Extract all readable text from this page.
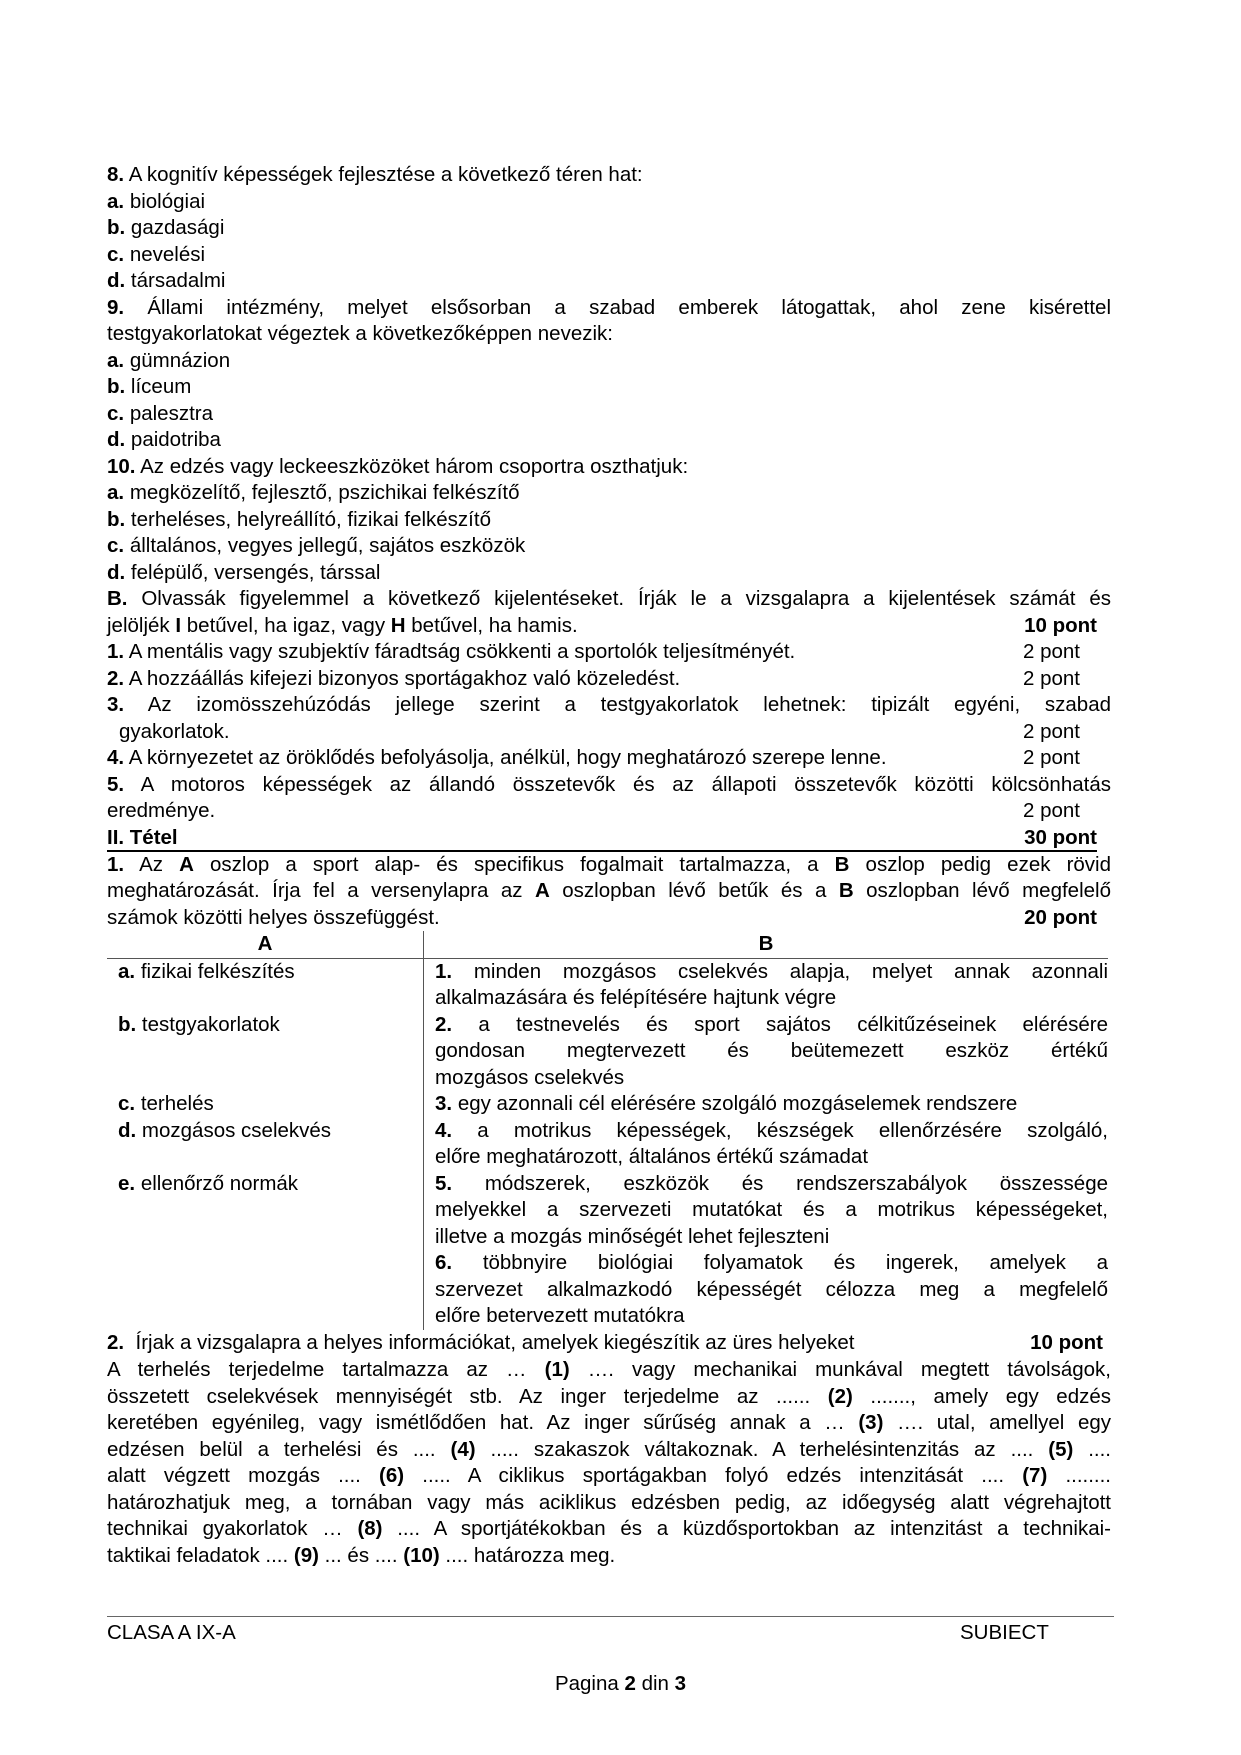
8. A kognitív képességek fejlesztése a következő téren hat:
a. biológiai
b. gazdasági
c. nevelési
d. társadalmi
9. Állami intézmény, melyet elsősorban a szabad emberek látogattak, ahol zene kisérettel
testgyakorlatokat végeztek a következőképpen nevezik:
a. gümnázion
b. líceum
c. palesztra
d. paidotriba
10. Az edzés vagy leckeeszközöket három csoportra oszthatjuk:
a. megközelítő, fejlesztő, pszichikai felkészítő
b. terheléses, helyreállító, fizikai felkészítő
c. álltalános, vegyes jellegű, sajátos eszközök
d. felépülő, versengés, társsal
B. Olvassák figyelemmel a következő kijelentéseket. Írják le a vizsgalapra a kijelentések számát és
jelöljék I betűvel, ha igaz, vagy H betűvel, ha hamis.	10 pont
1. A mentális vagy szubjektív fáradtság csökkenti a sportolók teljesítményét.	2 pont
2. A hozzáállás kifejezi bizonyos sportágakhoz való közeledést.	2 pont
3. Az izomösszehúzódás jellege szerint a testgyakorlatok lehetnek: tipizált egyéni, szabad
gyakorlatok.	2 pont
4. A környezetet az öröklődés befolyásolja, anélkül, hogy meghatározó szerepe lenne.	2 pont
5. A motoros képességek az állandó összetevők és az állapoti összetevők közötti kölcsönhatás
eredménye.	2 pont
II. Tétel	30 pont
1. Az A oszlop a sport alap- és specifikus fogalmait tartalmazza, a B oszlop pedig ezek rövid
meghatározását. Írja fel a versenylapra az A oszlopban lévő betűk és a B oszlopban lévő megfelelő
számok közötti helyes összefüggést.	20 pont
A	B
a. fizikai felkészítés	1. minden mozgásos cselekvés alapja, melyet annak azonnali
alkalmazására és felépítésére hajtunk végre
b. testgyakorlatok	2. a testnevelés és sport sajátos célkitűzéseinek elérésére
gondosan megtervezett és beütemezett eszköz értékű
mozgásos cselekvés
c. terhelés	3. egy azonnali cél elérésére szolgáló mozgáselemek rendszere
d. mozgásos cselekvés	4. a motrikus képességek, készségek ellenőrzésére szolgáló,
előre meghatározott, általános értékű számadat
e. ellenőrző normák	5. módszerek, eszközök és rendszerszabályok összessége
melyekkel a szervezeti mutatókat és a motrikus képességeket,
illetve a mozgás minőségét lehet fejleszteni
6. többnyire biológiai folyamatok és ingerek, amelyek a
szervezet alkalmazkodó képességét célozza meg a megfelelő
előre betervezett mutatókra
2. Írjak a vizsgalapra a helyes információkat, amelyek kiegészítik az üres helyeket	10 pont
A terhelés terjedelme tartalmazza az … (1) …. vagy mechanikai munkával megtett távolságok,
összetett cselekvések mennyiségét stb. Az inger terjedelme az ...... (2) ......., amely egy edzés
keretében egyénileg, vagy ismétlődően hat. Az inger sűrűség annak a … (3) …. utal, amellyel egy
edzésen belül a terhelési és .... (4) ..... szakaszok váltakoznak. A terhelésintenzitás az .... (5) ....
alatt végzett mozgás .... (6) ..... A ciklikus sportágakban folyó edzés intenzitását .... (7) ........
határozhatjuk meg, a tornában vagy más aciklikus edzésben pedig, az időegység alatt végrehajtott
technikai gyakorlatok … (8) .... A sportjátékokban és a küzdősportokban az intenzitást a technikai-
taktikai feladatok .... (9) ... és .... (10) .... határozza meg.
CLASA A IX-A	SUBIECT
Pagina 2 din 3
